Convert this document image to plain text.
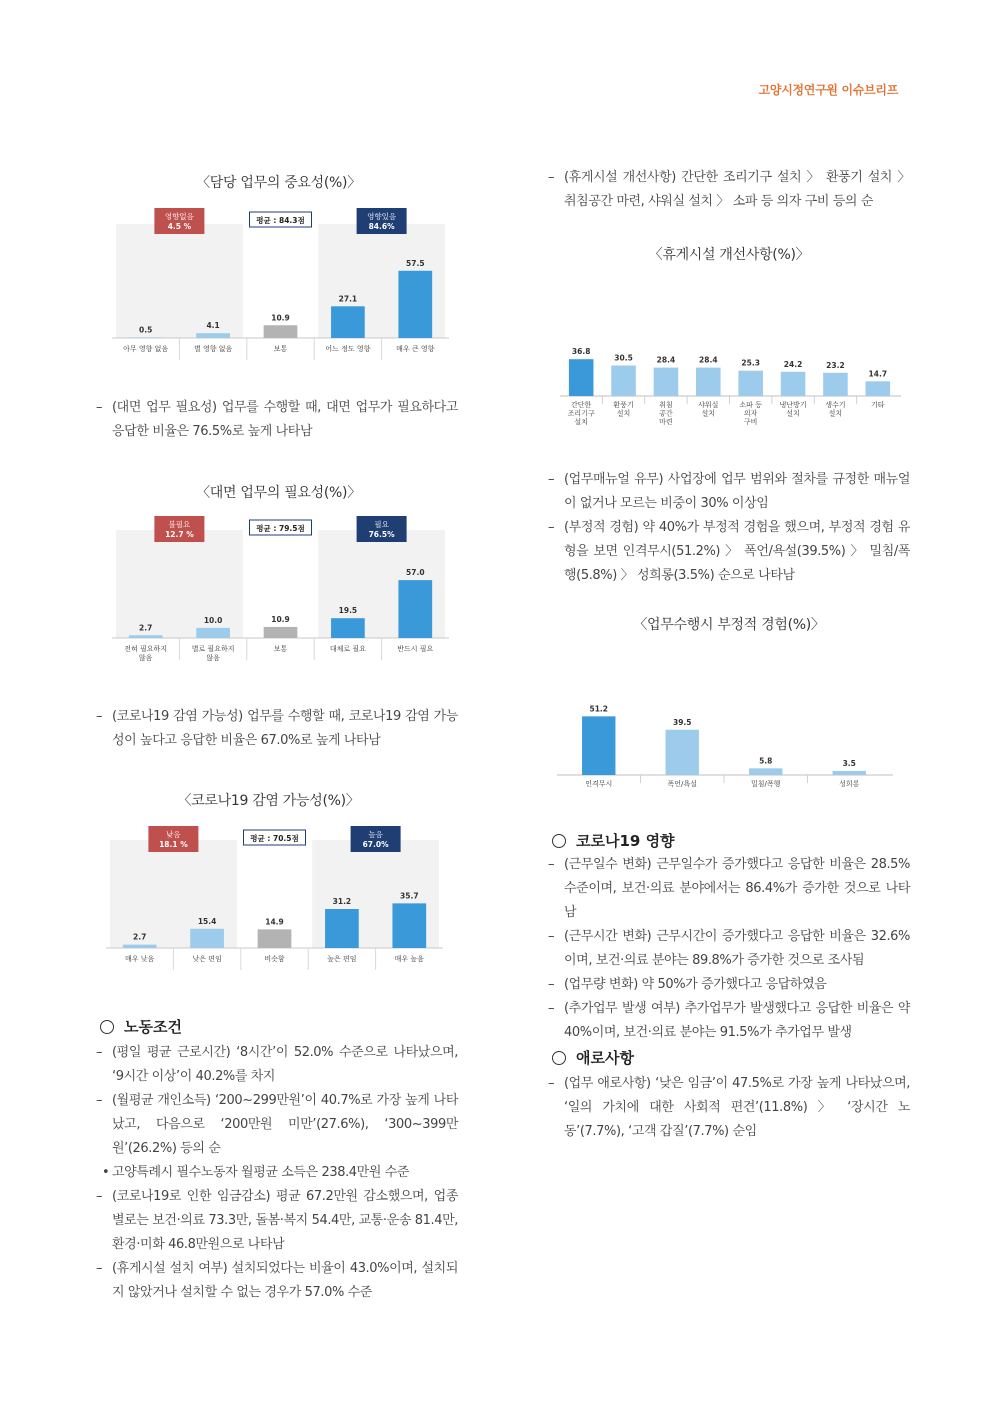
고양시정연구원 이슈브리프
〈담당 업무의 중요성(%)〉
0.5
아무 영향 없음
4.1
별 영향 없음
10.9
보통
27.1
어느 정도 영향
57.5
매우 큰 영향
영향없음
4.5 %
평균 : 84.3점	영향있음
84.6%
– (대면 업무 필요성) 업무를 수행할 때, 대면 업무가 필요하다고 응답한 비율은 76.5%로 높게 나타남
〈대면 업무의 필요성(%)〉
2.7
전혀 필요하지
않음
10.0
별로 필요하지
않음
10.9
보통
19.5
대체로 필요
57.0
반드시 필요
불필요
12.7 %
평균 : 79.5점	필요
76.5%
– (코로나19 감염 가능성) 업무를 수행할 때, 코로나19 감염 가능성이 높다고 응답한 비율은 67.0%로 높게 나타남
〈코로나19 감염 가능성(%)〉
2.7
매우 낮음
15.4
낮은 편임
14.9
비슷함
31.2
높은 편임
35.7
매우 높음
낮음
18.1 %
평균 : 70.5점	높음
67.0%
노동조건
– (평일 평균 근로시간) ‘8시간’이 52.0% 수준으로 나타났으며, ‘9시간 이상’이 40.2%를 차지
– (월평균 개인소득) ‘200~299만원’이 40.7%로 가장 높게 나타났고, 다음으로 ‘200만원 미만’(27.6%), ‘300~399만원’(26.2%) 등의 순
• 고양특례시 필수노동자 월평균 소득은 238.4만원 수준
– (코로나19로 인한 임금감소) 평균 67.2만원 감소했으며, 업종별로는 보건·의료 73.3만, 돌봄·복지 54.4만, 교통·운송 81.4만, 환경·미화 46.8만원으로 나타남
– (휴게시설 설치 여부) 설치되었다는 비율이 43.0%이며, 설치되지 않았거나 설치할 수 없는 경우가 57.0% 수준
– (휴게시설 개선사항) 간단한 조리기구 설치 〉 환풍기 설치 〉 취침공간 마련, 샤워실 설치 〉 소파 등 의자 구비 등의 순
〈휴게시설 개선사항(%)〉
36.8
간단한
조리기구
설치
30.5
환풍기
설치
28.4
취침
공간
마련
28.4
샤워실
설치
25.3
소파 등
의자
구비
24.2
냉난방기
설치
23.2
생수기
설치
14.7
기타
– (업무매뉴얼 유무) 사업장에 업무 범위와 절차를 규정한 매뉴얼이 없거나 모르는 비중이 30% 이상임
– (부정적 경험) 약 40%가 부정적 경험을 했으며, 부정적 경험 유형을 보면 인격무시(51.2%) 〉 폭언/욕설(39.5%) 〉 밀침/폭행(5.8%) 〉 성희롱(3.5%) 순으로 나타남
〈업무수행시 부정적 경험(%)〉
51.2
인격무시
39.5
폭언/욕설
5.8
밀침/폭행
3.5
성희롱
코로나19 영향
– (근무일수 변화) 근무일수가 증가했다고 응답한 비율은 28.5% 수준이며, 보건·의료 분야에서는 86.4%가 증가한 것으로 나타남
– (근무시간 변화) 근무시간이 증가했다고 응답한 비율은 32.6%이며, 보건·의료 분야는 89.8%가 증가한 것으로 조사됨
– (업무량 변화) 약 50%가 증가했다고 응답하였음
– (추가업무 발생 여부) 추가업무가 발생했다고 응답한 비율은 약 40%이며, 보건·의료 분야는 91.5%가 추가업무 발생
애로사항
– (업무 애로사항) ‘낮은 임금’이 47.5%로 가장 높게 나타났으며, ‘일의 가치에 대한 사회적 편견’(11.8%) 〉 ‘장시간 노동’(7.7%), ‘고객 갑질’(7.7%) 순임
